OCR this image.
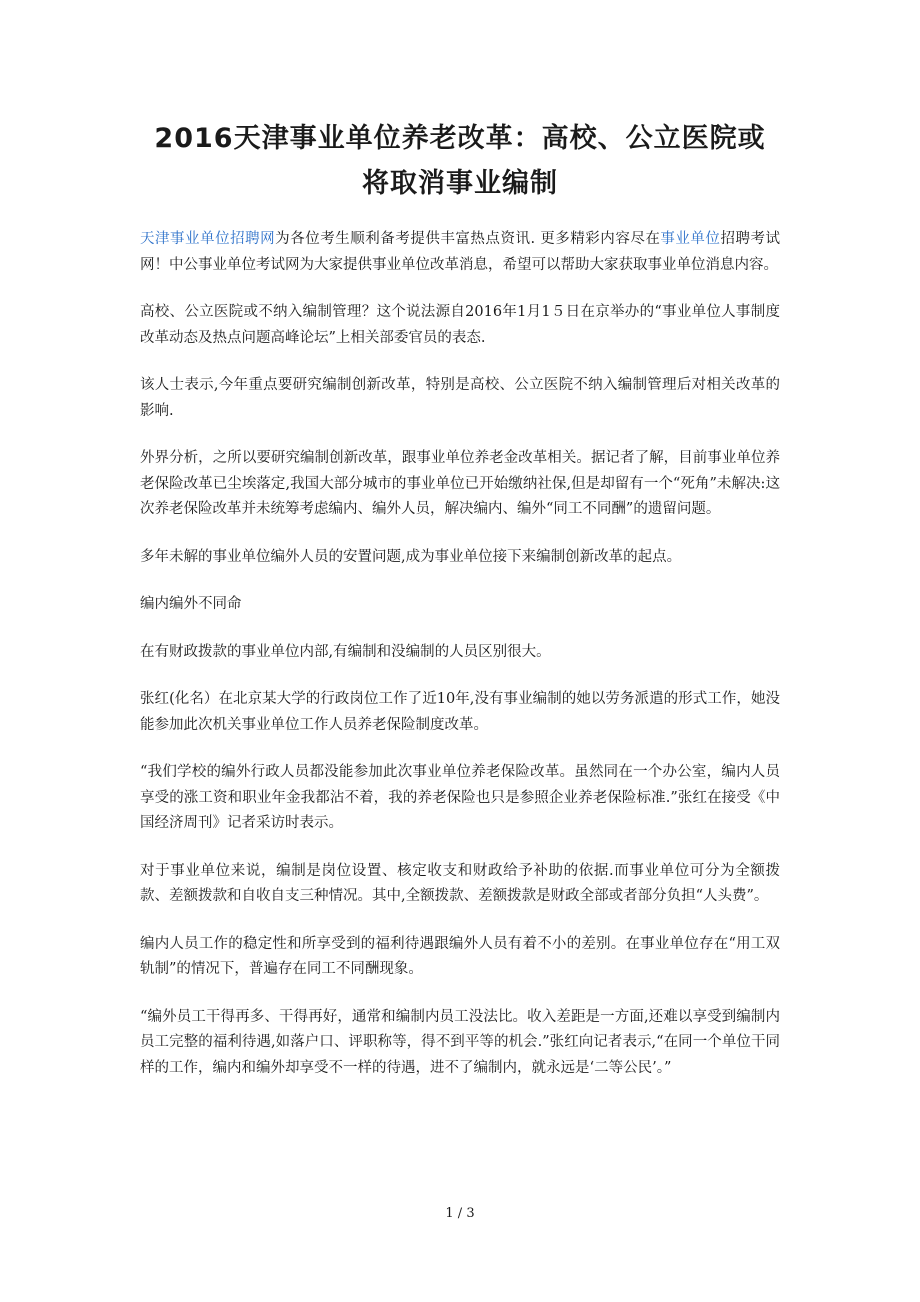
2016天津事业单位养老改革：高校、公立医院或
将取消事业编制

天津事业单位招聘网为各位考生顺利备考提供丰富热点资讯. 更多精彩内容尽在事业单位招聘考试网！中公事业单位考试网为大家提供事业单位改革消息，希望可以帮助大家获取事业单位消息内容。

高校、公立医院或不纳入编制管理？这个说法源自2016年1月1５日在京举办的“事业单位人事制度改革动态及热点问题高峰论坛”上相关部委官员的表态.

该人士表示,今年重点要研究编制创新改革，特别是高校、公立医院不纳入编制管理后对相关改革的影响.

外界分析，之所以要研究编制创新改革，跟事业单位养老金改革相关。据记者了解，目前事业单位养老保险改革已尘埃落定,我国大部分城市的事业单位已开始缴纳社保,但是却留有一个“死角”未解决:这次养老保险改革并未统筹考虑编内、编外人员，解决编内、编外“同工不同酬”的遗留问题。

多年未解的事业单位编外人员的安置问题,成为事业单位接下来编制创新改革的起点。

编内编外不同命

在有财政拨款的事业单位内部,有编制和没编制的人员区别很大。

张红(化名）在北京某大学的行政岗位工作了近10年,没有事业编制的她以劳务派遣的形式工作，她没能参加此次机关事业单位工作人员养老保险制度改革。

“我们学校的编外行政人员都没能参加此次事业单位养老保险改革。虽然同在一个办公室，编内人员享受的涨工资和职业年金我都沾不着，我的养老保险也只是参照企业养老保险标准.”张红在接受《中国经济周刊》记者采访时表示。

对于事业单位来说，编制是岗位设置、核定收支和财政给予补助的依据.而事业单位可分为全额拨款、差额拨款和自收自支三种情况。其中,全额拨款、差额拨款是财政全部或者部分负担“人头费”。

编内人员工作的稳定性和所享受到的福利待遇跟编外人员有着不小的差别。在事业单位存在“用工双轨制”的情况下，普遍存在同工不同酬现象。

“编外员工干得再多、干得再好，通常和编制内员工没法比。收入差距是一方面,还难以享受到编制内员工完整的福利待遇,如落户口、评职称等，得不到平等的机会.”张红向记者表示,“在同一个单位干同样的工作，编内和编外却享受不一样的待遇，进不了编制内，就永远是‘二等公民’。”

1 / 3
